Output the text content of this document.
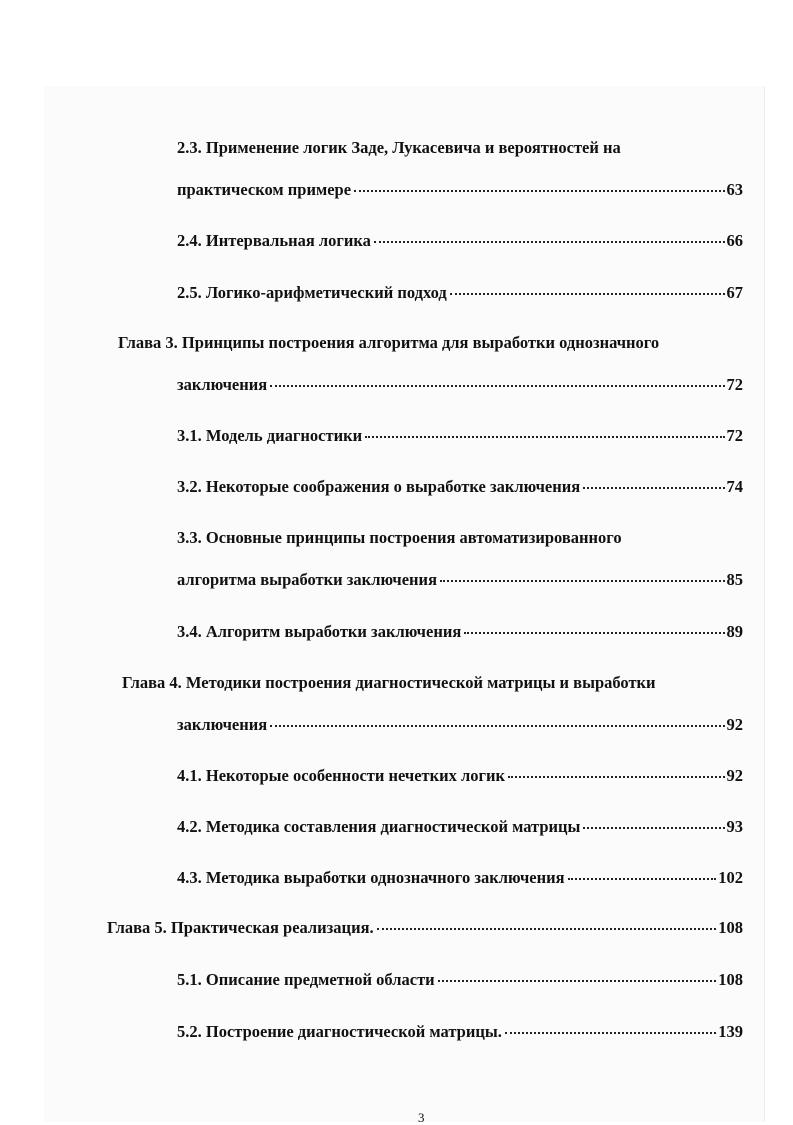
2.3. Применение логик Заде, Лукасевича и вероятностей на
практическом примере	63
2.4. Интервальная логика	66
2.5. Логико-арифметический подход	67
Глава 3. Принципы построения алгоритма для выработки однозначного
заключения	72
3.1. Модель диагностики	72
3.2. Некоторые соображения о выработке заключения	74
3.3. Основные принципы построения автоматизированного
алгоритма выработки заключения	85
3.4. Алгоритм выработки заключения	89
Глава 4. Методики построения диагностической матрицы и выработки
заключения	92
4.1. Некоторые особенности нечетких логик	92
4.2. Методика составления диагностической матрицы	93
4.3. Методика выработки однозначного заключения	102
Глава 5. Практическая реализация.	108
5.1. Описание предметной области	108
5.2. Построение диагностической матрицы.	139
3
